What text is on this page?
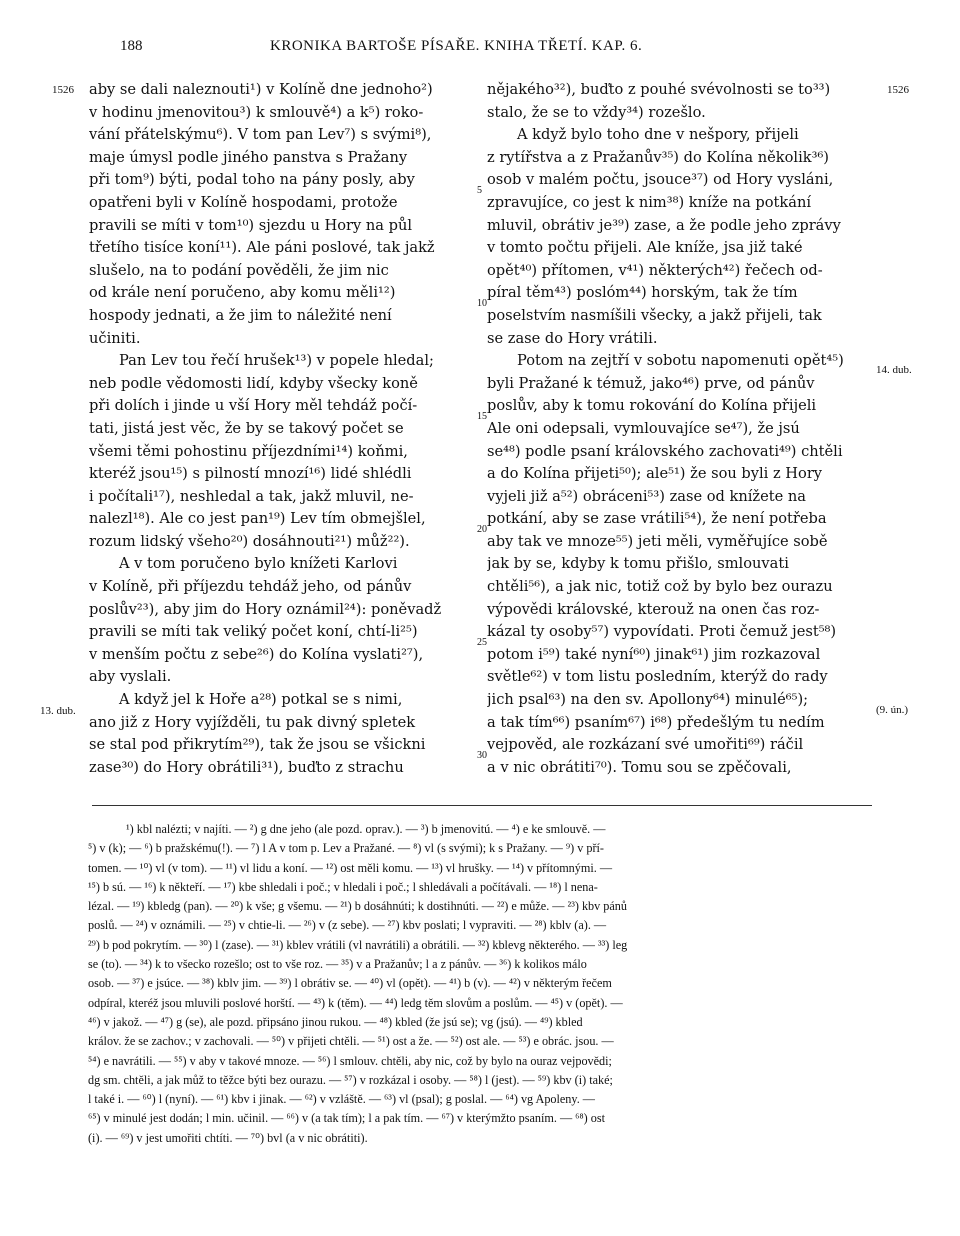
188	KRONIKA BARTOŠE PÍSAŘE. KNIHA TŘETÍ. KAP. 6.
1526	1526
13. dub.
14. dub.
(9. ún.)
5
10
15
20
25
30
aby se dali naleznouti¹) v Kolíně dne jednoho²)
v hodinu jmenovitou³) k smlouvě⁴) a k⁵) roko-
vání přátelskýmu⁶). V tom pan Lev⁷) s svými⁸),
maje úmysl podle jiného panstva s Pražany
při tom⁹) býti, podal toho na pány posly, aby
opatřeni byli v Kolíně hospodami, protože
pravili se míti v tom¹⁰) sjezdu u Hory na půl
třetího tisíce koní¹¹). Ale páni poslové, tak jakž
slušelo, na to podání pověděli, že jim nic
od krále není poručeno, aby komu měli¹²)
hospody jednati, a že jim to náležité není
učiniti.
Pan Lev tou řečí hrušek¹³) v popele hledal;
neb podle vědomosti lidí, kdyby všecky koně
při dolích i jinde u vší Hory měl tehdáž počí-
tati, jistá jest věc, že by se takový počet se
všemi těmi pohostinu příjezdními¹⁴) koňmi,
kteréž jsou¹⁵) s pilností mnozí¹⁶) lidé shlédli
i počítali¹⁷), neshledal a tak, jakž mluvil, ne-
nalezl¹⁸). Ale co jest pan¹⁹) Lev tím obmejšlel,
rozum lidský všeho²⁰) dosáhnouti²¹) můž²²).
A v tom poručeno bylo knížeti Karlovi
v Kolíně, při příjezdu tehdáž jeho, od pánův
poslův²³), aby jim do Hory oznámil²⁴): poněvadž
pravili se míti tak veliký počet koní, chtí-li²⁵)
v menším počtu z sebe²⁶) do Kolína vyslati²⁷),
aby vyslali.
A když jel k Hoře a²⁸) potkal se s nimi,
ano již z Hory vyjížděli, tu pak divný spletek
se stal pod přikrytím²⁹), tak že jsou se všickni
zase³⁰) do Hory obrátili³¹), buďto z strachu
nějakého³²), buďto z pouhé svévolnosti se to³³)
stalo, že se to vždy³⁴) rozešlo.
A když bylo toho dne v nešpory, přijeli
z rytířstva a z Pražanův³⁵) do Kolína několik³⁶)
osob v malém počtu, jsouce³⁷) od Hory vysláni,
zpravujíce, co jest k nim³⁸) kníže na potkání
mluvil, obrátiv je³⁹) zase, a že podle jeho zprávy
v tomto počtu přijeli. Ale kníže, jsa již také
opět⁴⁰) přítomen, v⁴¹) některých⁴²) řečech od-
píral těm⁴³) poslóm⁴⁴) horským, tak že tím
poselstvím nasmíšili všecky, a jakž přijeli, tak
se zase do Hory vrátili.
Potom na zejtří v sobotu napomenuti opět⁴⁵)
byli Pražané k témuž, jako⁴⁶) prve, od pánův
poslův, aby k tomu rokování do Kolína přijeli
Ale oni odepsali, vymlouvajíce se⁴⁷), že jsú
se⁴⁸) podle psaní královského zachovati⁴⁹) chtěli
a do Kolína přijeti⁵⁰); ale⁵¹) že sou byli z Hory
vyjeli již a⁵²) obráceni⁵³) zase od knížete na
potkání, aby se zase vrátili⁵⁴), že není potřeba
aby tak ve mnoze⁵⁵) jeti měli, vyměřujíce sobě
jak by se, kdyby k tomu přišlo, smlouvati
chtěli⁵⁶), a jak nic, totiž což by bylo bez ourazu
výpovědi královské, kterouž na onen čas roz-
kázal ty osoby⁵⁷) vypovídati. Proti čemuž jest⁵⁸)
potom i⁵⁹) také nyní⁶⁰) jinak⁶¹) jim rozkazoval
světle⁶²) v tom listu posledním, kterýž do rady
jich psal⁶³) na den sv. Apollony⁶⁴) minulé⁶⁵);
a tak tím⁶⁶) psaním⁶⁷) i⁶⁸) předešlým tu nedím
vejpověd, ale rozkázaní své umořiti⁶⁹) ráčil
a v nic obrátiti⁷⁰). Tomu sou se zpěčovali,
¹) kbl nalézti; v najíti. — ²) g dne jeho (ale pozd. oprav.). — ³) b jmenovitú. — ⁴) e ke smlouvě. —
⁵) v (k); — ⁶) b pražskému(!). — ⁷) l A v tom p. Lev a Pražané. — ⁸) vl (s svými); k s Pražany. — ⁹) v pří-
tomen. — ¹⁰) vl (v tom). — ¹¹) vl lidu a koní. — ¹²) ost měli komu. — ¹³) vl hrušky. — ¹⁴) v přítomnými. —
¹⁵) b sú. — ¹⁶) k někteří. — ¹⁷) kbe shledali i poč.; v hledali i poč.; l shledávali a počítávali. — ¹⁸) l nena-
lézal. — ¹⁹) kbledg (pan). — ²⁰) k vše; g všemu. — ²¹) b dosáhnúti; k dostihnúti. — ²²) e může. — ²³) kbv pánů
poslů. — ²⁴) v oznámili. — ²⁵) v chtie-li. — ²⁶) v (z sebe). — ²⁷) kbv poslati; l vypraviti. — ²⁸) kblv (a). —
²⁹) b pod pokrytím. — ³⁰) l (zase). — ³¹) kblev vrátili (vl navrátili) a obrátili. — ³²) kblevg některého. — ³³) leg
se (to). — ³⁴) k to všecko rozešlo; ost to vše roz. — ³⁵) v a Pražanův; l a z pánův. — ³⁶) k kolikos málo
osob. — ³⁷) e jsúce. — ³⁸) kblv jim. — ³⁹) l obrátiv se. — ⁴⁰) vl (opět). — ⁴¹) b (v). — ⁴²) v některým řečem
odpíral, kteréž jsou mluvili poslové horští. — ⁴³) k (těm). — ⁴⁴) ledg těm slovům a poslům. — ⁴⁵) v (opět). —
⁴⁶) v jakož. — ⁴⁷) g (se), ale pozd. připsáno jinou rukou. — ⁴⁸) kbled (že jsú se); vg (jsú). — ⁴⁹) kbled
králov. že se zachov.; v zachovali. — ⁵⁰) v přijeti chtěli. — ⁵¹) ost a že. — ⁵²) ost ale. — ⁵³) e obrác. jsou. —
⁵⁴) e navrátili. — ⁵⁵) v aby v takové mnoze. — ⁵⁶) l smlouv. chtěli, aby nic, což by bylo na ouraz vejpovědi;
dg sm. chtěli, a jak můž to těžce býti bez ourazu. — ⁵⁷) v rozkázal i osoby. — ⁵⁸) l (jest). — ⁵⁹) kbv (i) také;
l také i. — ⁶⁰) l (nyní). — ⁶¹) kbv i jinak. — ⁶²) v vzláště. — ⁶³) vl (psal); g poslal. — ⁶⁴) vg Apoleny. —
⁶⁵) v minulé jest dodán; l min. učinil. — ⁶⁶) v (a tak tím); l a pak tím. — ⁶⁷) v kterýmžto psaním. — ⁶⁸) ost
(i). — ⁶⁹) v jest umořiti chtíti. — ⁷⁰) bvl (a v nic obrátiti).
